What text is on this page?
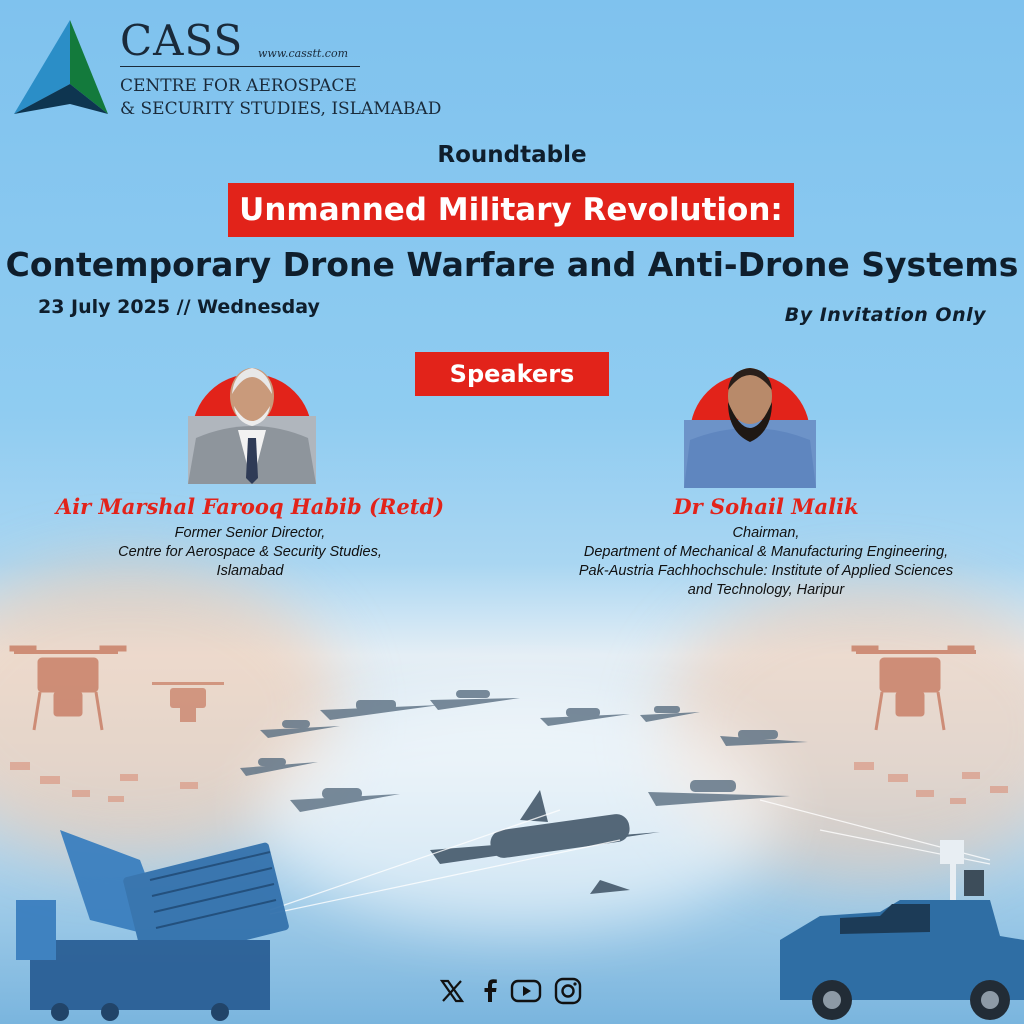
CASS www.casstt.com
CENTRE FOR AEROSPACE
& SECURITY STUDIES, ISLAMABAD
Roundtable
Unmanned Military Revolution:
Contemporary Drone Warfare and Anti-Drone Systems
23 July 2025 // Wednesday	By Invitation Only
Speakers
Air Marshal Farooq Habib (Retd)
Former Senior Director,
Centre for Aerospace & Security Studies,
Islamabad
Dr Sohail Malik
Chairman,
Department of Mechanical & Manufacturing Engineering,
Pak-Austria Fachhochschule: Institute of Applied Sciences
and Technology, Haripur
